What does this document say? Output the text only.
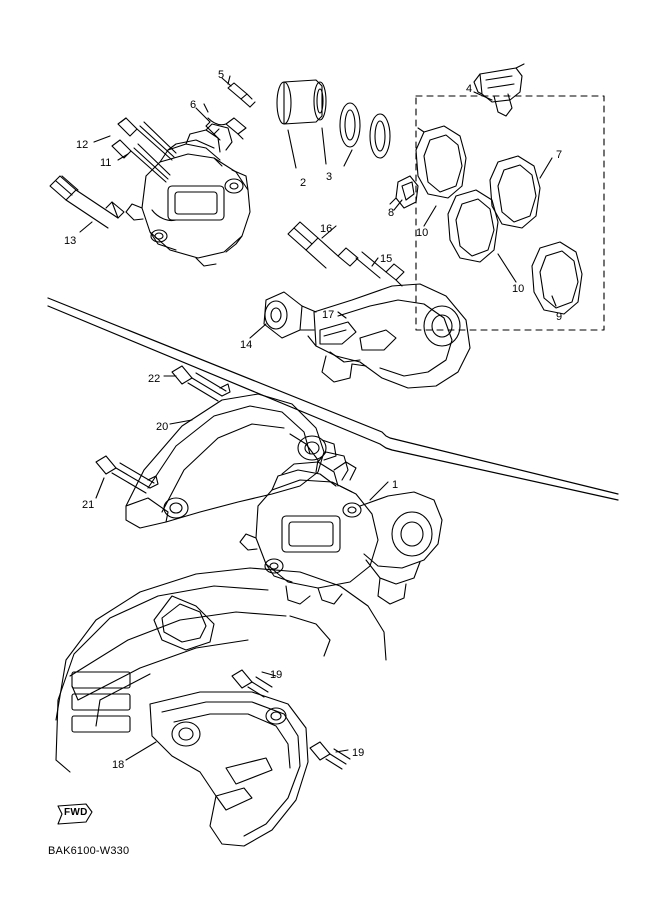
5
6
4
7
12
11
2 3
8
10
13
16
15
10
9
17
14
22
20
21
1
19
19
18
FWD
BAK6100-W330
